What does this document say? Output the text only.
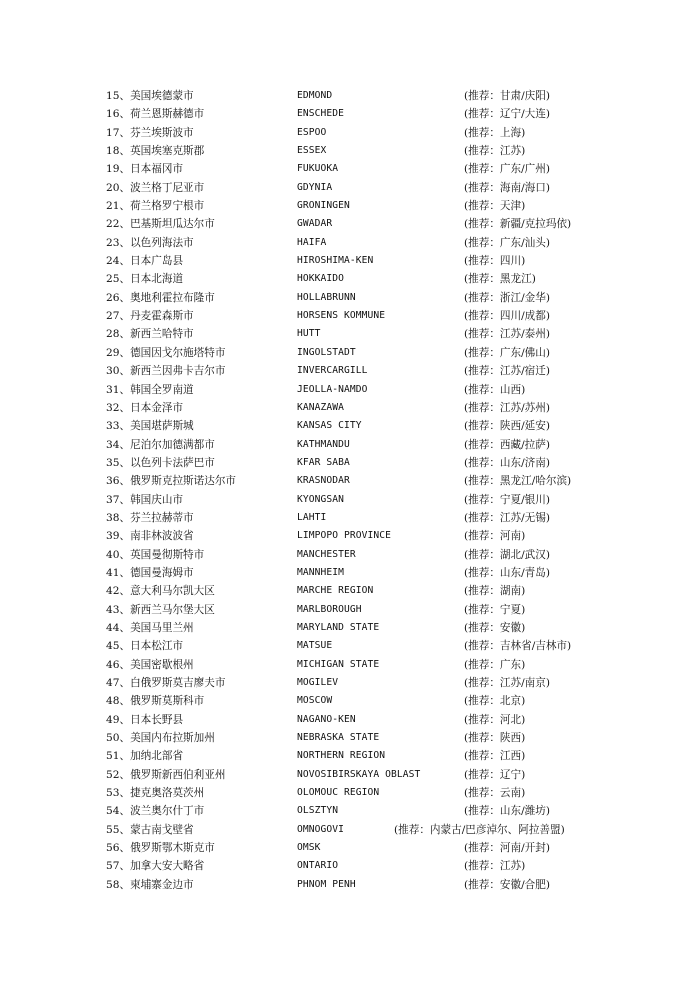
15、美国埃德蒙市	EDMOND	(推荐：甘肃/庆阳)
16、荷兰恩斯赫德市	ENSCHEDE	(推荐：辽宁/大连)
17、芬兰埃斯波市	ESPOO	(推荐：上海)
18、英国埃塞克斯郡	ESSEX	(推荐：江苏)
19、日本福冈市	FUKUOKA	(推荐：广东/广州)
20、波兰格丁尼亚市	GDYNIA	(推荐：海南/海口)
21、荷兰格罗宁根市	GRONINGEN	(推荐：天津)
22、巴基斯坦瓜达尔市	GWADAR	(推荐：新疆/克拉玛依)
23、以色列海法市	HAIFA	(推荐：广东/汕头)
24、日本广岛县	HIROSHIMA-KEN	(推荐：四川)
25、日本北海道	HOKKAIDO	(推荐：黑龙江)
26、奥地利霍拉布隆市	HOLLABRUNN	(推荐：浙江/金华)
27、丹麦霍森斯市	HORSENS KOMMUNE	(推荐：四川/成都)
28、新西兰哈特市	HUTT	(推荐：江苏/泰州)
29、德国因戈尔施塔特市	INGOLSTADT	(推荐：广东/佛山)
30、新西兰因弗卡吉尔市	INVERCARGILL	(推荐：江苏/宿迁)
31、韩国全罗南道	JEOLLA-NAMDO	(推荐：山西)
32、日本金泽市	KANAZAWA	(推荐：江苏/苏州)
33、美国堪萨斯城	KANSAS CITY	(推荐：陕西/延安)
34、尼泊尔加德满都市	KATHMANDU	(推荐：西藏/拉萨)
35、以色列卡法萨巴市	KFAR SABA	(推荐：山东/济南)
36、俄罗斯克拉斯诺达尔市	KRASNODAR	(推荐：黑龙江/哈尔滨)
37、韩国庆山市	KYONGSAN	(推荐：宁夏/银川)
38、芬兰拉赫蒂市	LAHTI	(推荐：江苏/无锡)
39、南非林波波省	LIMPOPO PROVINCE	(推荐：河南)
40、英国曼彻斯特市	MANCHESTER	(推荐：湖北/武汉)
41、德国曼海姆市	MANNHEIM	(推荐：山东/青岛)
42、意大利马尔凯大区	MARCHE REGION	(推荐：湖南)
43、新西兰马尔堡大区	MARLBOROUGH	(推荐：宁夏)
44、美国马里兰州	MARYLAND STATE	(推荐：安徽)
45、日本松江市	MATSUE	(推荐：吉林省/吉林市)
46、美国密歇根州	MICHIGAN STATE	(推荐：广东)
47、白俄罗斯莫吉廖夫市	MOGILEV	(推荐：江苏/南京)
48、俄罗斯莫斯科市	MOSCOW	(推荐：北京)
49、日本长野县	NAGANO-KEN	(推荐：河北)
50、美国内布拉斯加州	NEBRASKA STATE	(推荐：陕西)
51、加纳北部省	NORTHERN REGION	(推荐：江西)
52、俄罗斯新西伯利亚州	NOVOSIBIRSKAYA OBLAST	(推荐：辽宁)
53、捷克奥洛莫茨州	OLOMOUC REGION	(推荐：云南)
54、波兰奥尔什丁市	OLSZTYN	(推荐：山东/潍坊)
55、蒙古南戈壁省	OMNOGOVI	(推荐：内蒙古/巴彦淖尔、阿拉善盟)
56、俄罗斯鄂木斯克市	OMSK	(推荐：河南/开封)
57、加拿大安大略省	ONTARIO	(推荐：江苏)
58、柬埔寨金边市	PHNOM PENH	(推荐：安徽/合肥)
